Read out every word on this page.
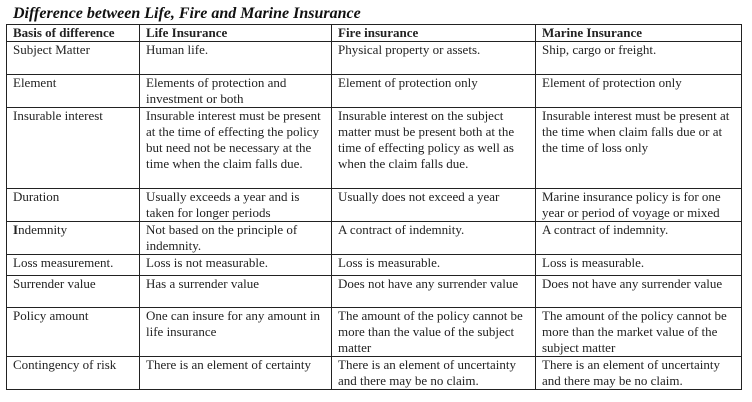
Difference between Life, Fire and Marine Insurance
Basis of difference	Life Insurance	Fire insurance	Marine Insurance
Subject Matter	Human life.	Physical property or assets.	Ship, cargo or freight.
Element	Elements of protection and investment or both	Element of protection only	Element of protection only
Insurable interest	Insurable interest must be present at the time of effecting the policy but need not be necessary at the time when the claim falls due.	Insurable interest on the subject matter must be present both at the time of effecting policy as well as when the claim falls due.	Insurable interest must be present at the time when claim falls due or at the time of loss only
Duration	Usually exceeds a year and is taken for longer periods	Usually does not exceed a year	Marine insurance policy is for one year or period of voyage or mixed
Indemnity	Not based on the principle of indemnity.	A contract of indemnity.	A contract of indemnity.
Loss measurement.	Loss is not measurable.	Loss is measurable.	Loss is measurable.
Surrender value	Has a surrender value	Does not have any surrender value	Does not have any surrender value
Policy amount	One can insure for any amount in life insurance	The amount of the policy cannot be more than the value of the subject matter	The amount of the policy cannot be more than the market value of the subject matter
Contingency of risk	There is an element of certainty	There is an element of uncertainty and there may be no claim.	There is an element of uncertainty and there may be no claim.
